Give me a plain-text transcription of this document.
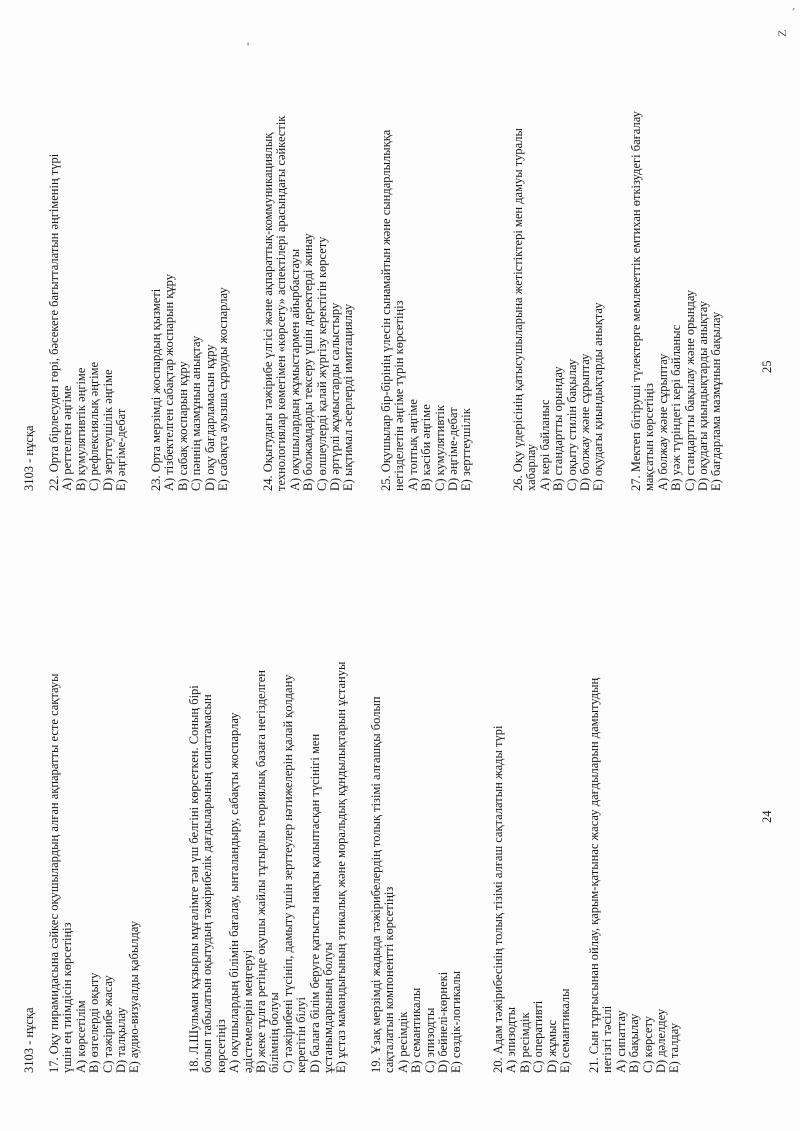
3103 - нұсқа 17. Оқу пирамидасына сәйкес оқушылардың алған ақпаратты есте сақтауы үшін ең тиімдісін көрсетіңіз A) көрсетілім B) өзгелерді оқыту C) тәжірибе жасау D) талқылау E) аудио-визуалды қабылдау	18. Л.Шульман құзырлы мұғалімге тән үш белгіні көрсеткен. Соның бірі болып табылатын оқытудың тәжірибелік дағдыларының сипаттамасын көрсетіңіз A) оқушылардың білімін бағалау, ынталандыру, сабақты жоспарлау әдістемелерін меңгеруі B) жеке тұлға ретінде оқушы жайлы тұтырлы теориялық базаға негізделген білімнің болуы C) тәжірибені түсініп, дамыту үшін зерттеулер нәтижелерін қалай қолдану керегігін білуі D) балаға білім беруге қатысты нақты қалыптасқан түсінігі мен ұстанымдарының болуы E) ұстаз мамандығының этикалық және моральдық құндылықтарын ұстануы 19. Ұзақ мерзімді жадыда тәжірибелердің толық тізімі алғашқы болып сақталатын компонентті көрсетіңіз A) ресімдік B) семантикалы C) эпизодты D) бейнелі-көрнекі E) сөздік-логикалы 20. Адам тәжірибесінің толық тізімі алғаш сақталатын жады түрі A) эпизодты B) ресімдік C) оперативті D) жұмыс E) семантикалы 21. Сын тұрғысынан ойлау, қарым-қатынас жасау дағдыларын дамытудың негізгі тәсілі A) сипаттау B) бақылау C) көрсету D) дәлелдеу E) талдау
24
3103 - нұсқа 22. Орта бірлесуден гөрі, бәсекеге бағытталатын әңгіменің түрі A) реттелген әңгіме B) кумулятивтік әңгіме C) рефлексиялық әңгіме D) зерттеушілік әңгіме E) әңгіме-дебат 23. Орта мерзімді жоспардың қызметі A) тізбектелген сабақтар жоспарын құру B) сабақ жоспарын құру C) пәннің мазмұнын анықтау D) оқу бағдарламасын құру E) сабақта ауызша сұрауды жоспарлау 24. Оқытудағы тәжірибе үлгісі және ақпараттық-коммуникациялық технологиялар көмегімен «көрсету» аспектілері арасындағы сәйкестік A) оқушылардың жұмыстармен айырбастауы B) болжамдарды тексеру үшін деректерді жинау C) өлшеулерді қалай жүргізу керектігін көрсету D) әртүрлі жұмыстарды салыстыру E) ықтимал әсерлерді имитациялау 25. Оқушылар бір-бірінің үлесін сынамайтын және сындарлылыққа негізделетін әңгіме түрін көрсетіңіз A) топтық әңгіме B) кәсіби әңгіме C) кумулятивтік D) әңгіме-дебат E) зерттеушілік	26. Оқу үдерісінің қатысушыларына жетістіктері мен дамуы туралы хабарлау A) кері байланыс B) стандартты орындау C) оқыту стилін бақылау D) болжау және сұрыптау E) оқудағы қиындықтарды анықтау 27. Мектеп бітіруші түлектерге мемлекеттік емтихан өткізудегі бағалау мақсатын көрсетіңіз A) болжау және сұрыптау B) уәж түріндегі кері байланыс C) стандартты бақылау және орындау D) оқудағы қиындықтарды анықтау E) бағдарлама мазмұнын бақылау	25
-
`
Z
